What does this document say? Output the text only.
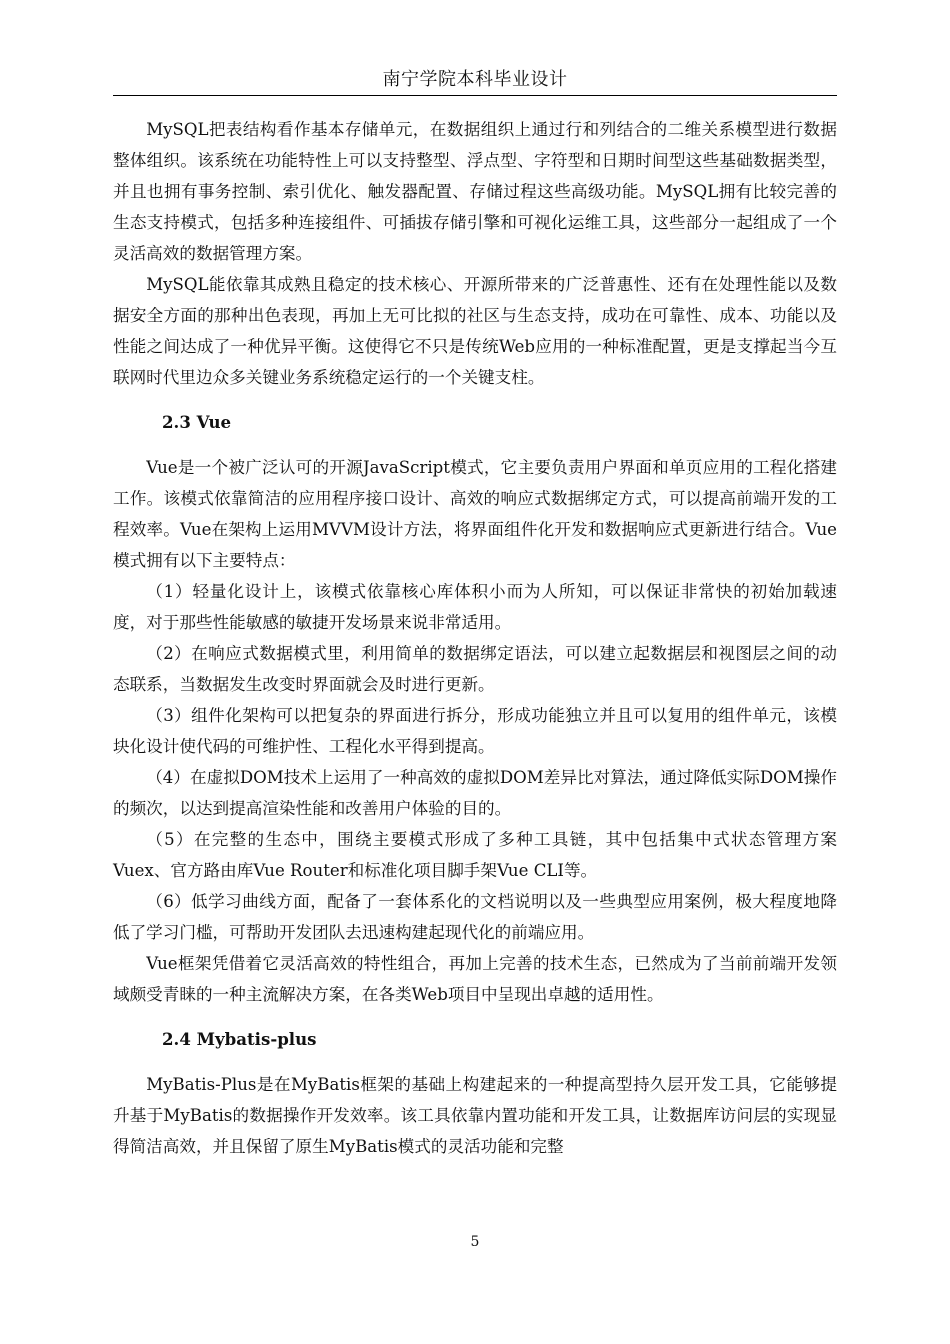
南宁学院本科毕业设计

MySQL把表结构看作基本存储单元，在数据组织上通过行和列结合的二维关系模型进行数据整体组织。该系统在功能特性上可以支持整型、浮点型、字符型和日期时间型这些基础数据类型，并且也拥有事务控制、索引优化、触发器配置、存储过程这些高级功能。MySQL拥有比较完善的生态支持模式，包括多种连接组件、可插拔存储引擎和可视化运维工具，这些部分一起组成了一个灵活高效的数据管理方案。

MySQL能依靠其成熟且稳定的技术核心、开源所带来的广泛普惠性、还有在处理性能以及数据安全方面的那种出色表现，再加上无可比拟的社区与生态支持，成功在可靠性、成本、功能以及性能之间达成了一种优异平衡。这使得它不只是传统Web应用的一种标准配置，更是支撑起当今互联网时代里边众多关键业务系统稳定运行的一个关键支柱。

2.3 Vue

Vue是一个被广泛认可的开源JavaScript模式，它主要负责用户界面和单页应用的工程化搭建工作。该模式依靠简洁的应用程序接口设计、高效的响应式数据绑定方式，可以提高前端开发的工程效率。Vue在架构上运用MVVM设计方法，将界面组件化开发和数据响应式更新进行结合。Vue模式拥有以下主要特点：

（1）轻量化设计上，该模式依靠核心库体积小而为人所知，可以保证非常快的初始加载速度，对于那些性能敏感的敏捷开发场景来说非常适用。

（2）在响应式数据模式里，利用简单的数据绑定语法，可以建立起数据层和视图层之间的动态联系，当数据发生改变时界面就会及时进行更新。

（3）组件化架构可以把复杂的界面进行拆分，形成功能独立并且可以复用的组件单元，该模块化设计使代码的可维护性、工程化水平得到提高。

（4）在虚拟DOM技术上运用了一种高效的虚拟DOM差异比对算法，通过降低实际DOM操作的频次，以达到提高渲染性能和改善用户体验的目的。

（5）在完整的生态中，围绕主要模式形成了多种工具链，其中包括集中式状态管理方案Vuex、官方路由库Vue Router和标准化项目脚手架Vue CLI等。

（6）低学习曲线方面，配备了一套体系化的文档说明以及一些典型应用案例，极大程度地降低了学习门槛，可帮助开发团队去迅速构建起现代化的前端应用。

Vue框架凭借着它灵活高效的特性组合，再加上完善的技术生态，已然成为了当前前端开发领域颇受青睐的一种主流解决方案，在各类Web项目中呈现出卓越的适用性。

2.4 Mybatis-plus

MyBatis-Plus是在MyBatis框架的基础上构建起来的一种提高型持久层开发工具，它能够提升基于MyBatis的数据操作开发效率。该工具依靠内置功能和开发工具，让数据库访问层的实现显得简洁高效，并且保留了原生MyBatis模式的灵活功能和完整

5
